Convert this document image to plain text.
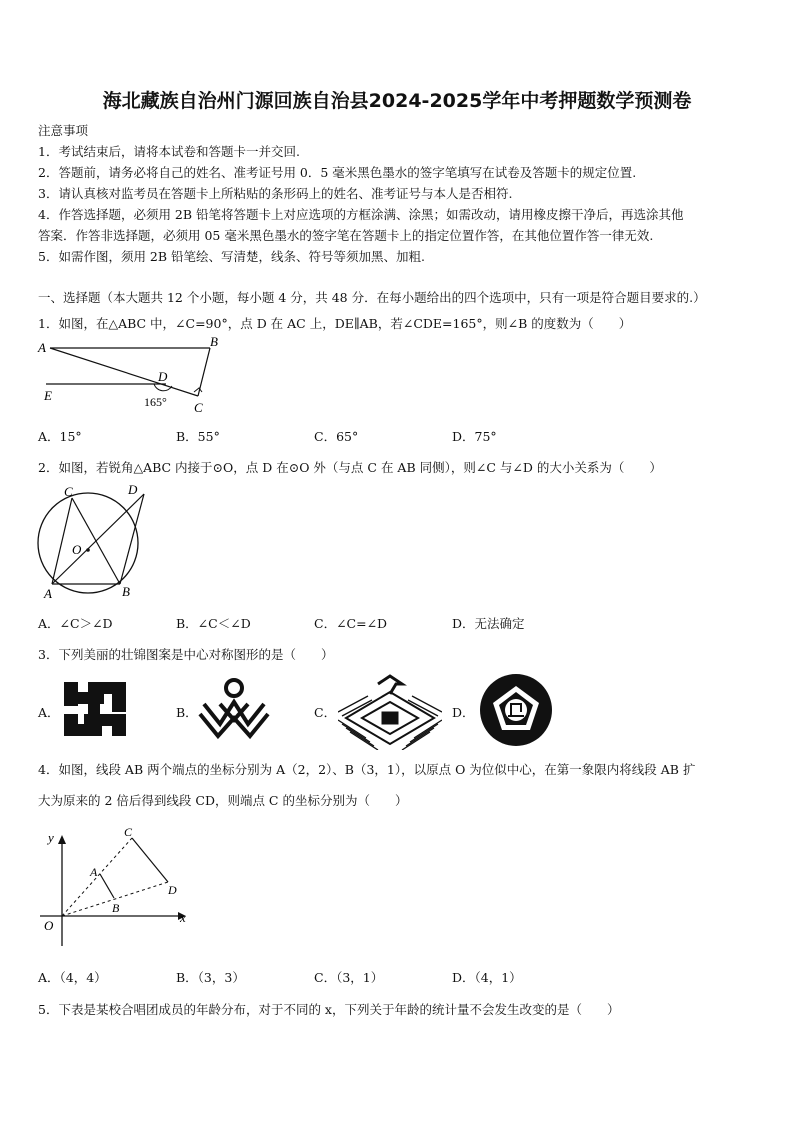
海北藏族自治州门源回族自治县2024-2025学年中考押题数学预测卷
注意事项
1．考试结束后，请将本试卷和答题卡一并交回.
2．答题前，请务必将自己的姓名、准考证号用 0．5 毫米黑色墨水的签字笔填写在试卷及答题卡的规定位置.
3．请认真核对监考员在答题卡上所粘贴的条形码上的姓名、准考证号与本人是否相符.
4．作答选择题，必须用 2B 铅笔将答题卡上对应选项的方框涂满、涂黑；如需改动，请用橡皮擦干净后，再选涂其他
答案．作答非选择题，必须用 05 毫米黑色墨水的签字笔在答题卡上的指定位置作答，在其他位置作答一律无效.
5．如需作图，须用 2B 铅笔绘、写清楚，线条、符号等须加黑、加粗.
一、选择题（本大题共 12 个小题，每小题 4 分，共 48 分．在每小题给出的四个选项中，只有一项是符合题目要求的.）
1．如图，在△ABC 中，∠C=90°，点 D 在 AC 上，DE∥AB，若∠CDE=165°，则∠B 的度数为（　　）
A	B
C
D
E	165°
A．15°	B．55°	C．65°	D．75°
2．如图，若锐角△ABC 内接于⊙O，点 D 在⊙O 外（与点 C 在 AB 同侧），则∠C 与∠D 的大小关系为（　　）
C	D
O
A	B
A．∠C＞∠D	B．∠C＜∠D	C．∠C=∠D	D．无法确定
3．下列美丽的壮锦图案是中心对称图形的是（　　）
A．	B．	C．	D．
4．如图，线段 AB 两个端点的坐标分别为 A（2，2）、B（3，1），以原点 O 为位似中心，在第一象限内将线段 AB 扩
大为原来的 2 倍后得到线段 CD，则端点 C 的坐标分别为（　　）
y
x
O
A
B
C
D
A．（4，4）	B．（3，3）	C．（3，1）	D．（4，1）
5．下表是某校合唱团成员的年龄分布，对于不同的 x，下列关于年龄的统计量不会发生改变的是（　　）
